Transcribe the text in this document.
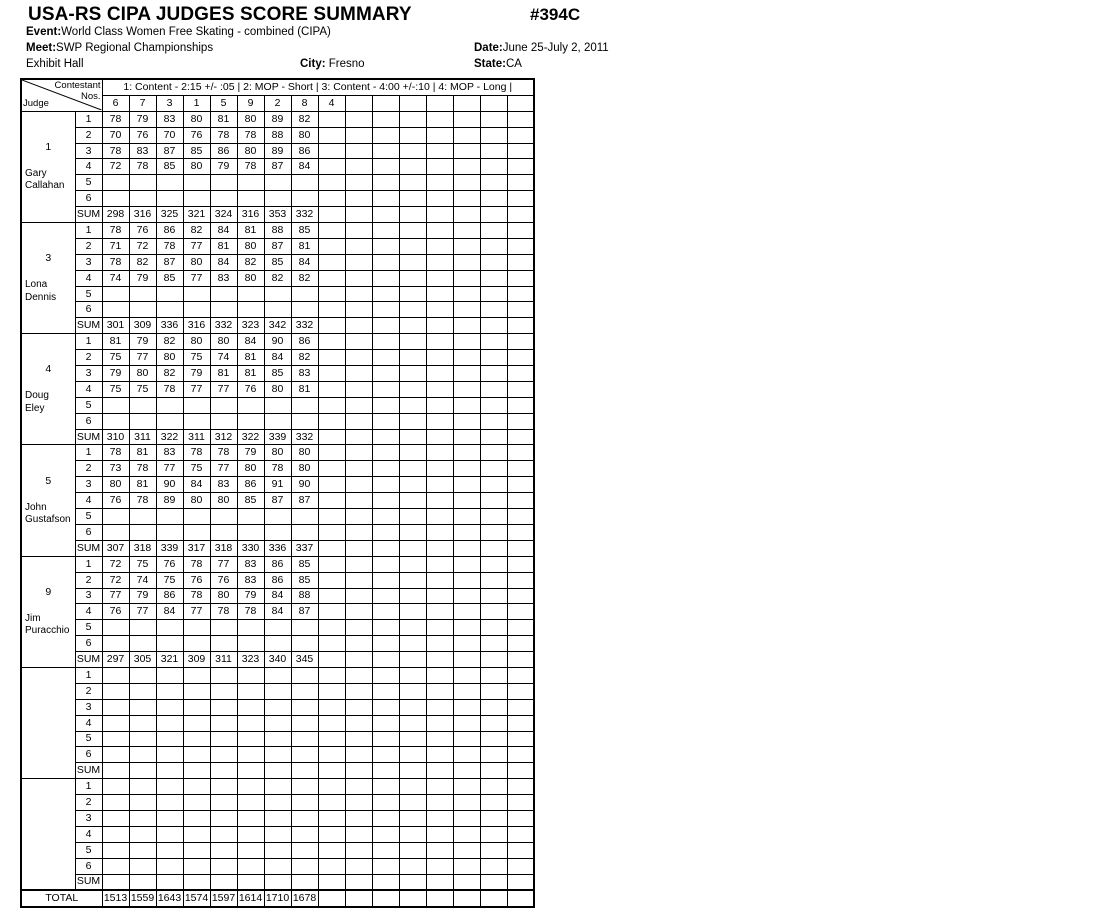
USA-RS CIPA JUDGES SCORE SUMMARY	#394C
Event:World Class Women Free Skating - combined (CIPA)
Meet:SWP Regional Championships
Exhibit Hall	City: Fresno
Date:June 25-July 2, 2011
State:CA
Contestant
Nos.
Judge		1: Content - 2:15 +/- :05 | 2: MOP - Short | 3: Content - 4:00 +/-:10 | 4: MOP - Long |															
		6	7	3	1	5	9	2	8	4							

1
Gary
Callahan	1	78	79	83	80	81	80	89	82								
	2	70	76	70	76	78	78	88	80								
	3	78	83	87	85	86	80	89	86								
	4	72	78	85	80	79	78	87	84								
	5																
	6																
	SUM	298	316	325	321	324	316	353	332								

3
Lona
Dennis	1	78	76	86	82	84	81	88	85								
	2	71	72	78	77	81	80	87	81								
	3	78	82	87	80	84	82	85	84								
	4	74	79	85	77	83	80	82	82								
	5																
	6																
	SUM	301	309	336	316	332	323	342	332								

4
Doug
Eley	1	81	79	82	80	80	84	90	86								
	2	75	77	80	75	74	81	84	82								
	3	79	80	82	79	81	81	85	83								
	4	75	75	78	77	77	76	80	81								
	5																
	6																
	SUM	310	311	322	311	312	322	339	332								

5
John
Gustafson	1	78	81	83	78	78	79	80	80								
	2	73	78	77	75	77	80	78	80								
	3	80	81	90	84	83	86	91	90								
	4	76	78	89	80	80	85	87	87								
	5																
	6																
	SUM	307	318	339	317	318	330	336	337								

9
Jim
Puracchio	1	72	75	76	78	77	83	86	85								
	2	72	74	75	76	76	83	86	85								
	3	77	79	86	78	80	79	84	88								
	4	76	77	84	77	78	78	84	87								
	5																
	6																
	SUM	297	305	321	309	311	323	340	345								

	1																
	2																
	3																
	4																
	5																
	6																
	SUM																

	1																
	2																
	3																
	4																
	5																
	6																
	SUM																
TOTAL		1513	1559	1643	1574	1597	1614	1710	1678								
